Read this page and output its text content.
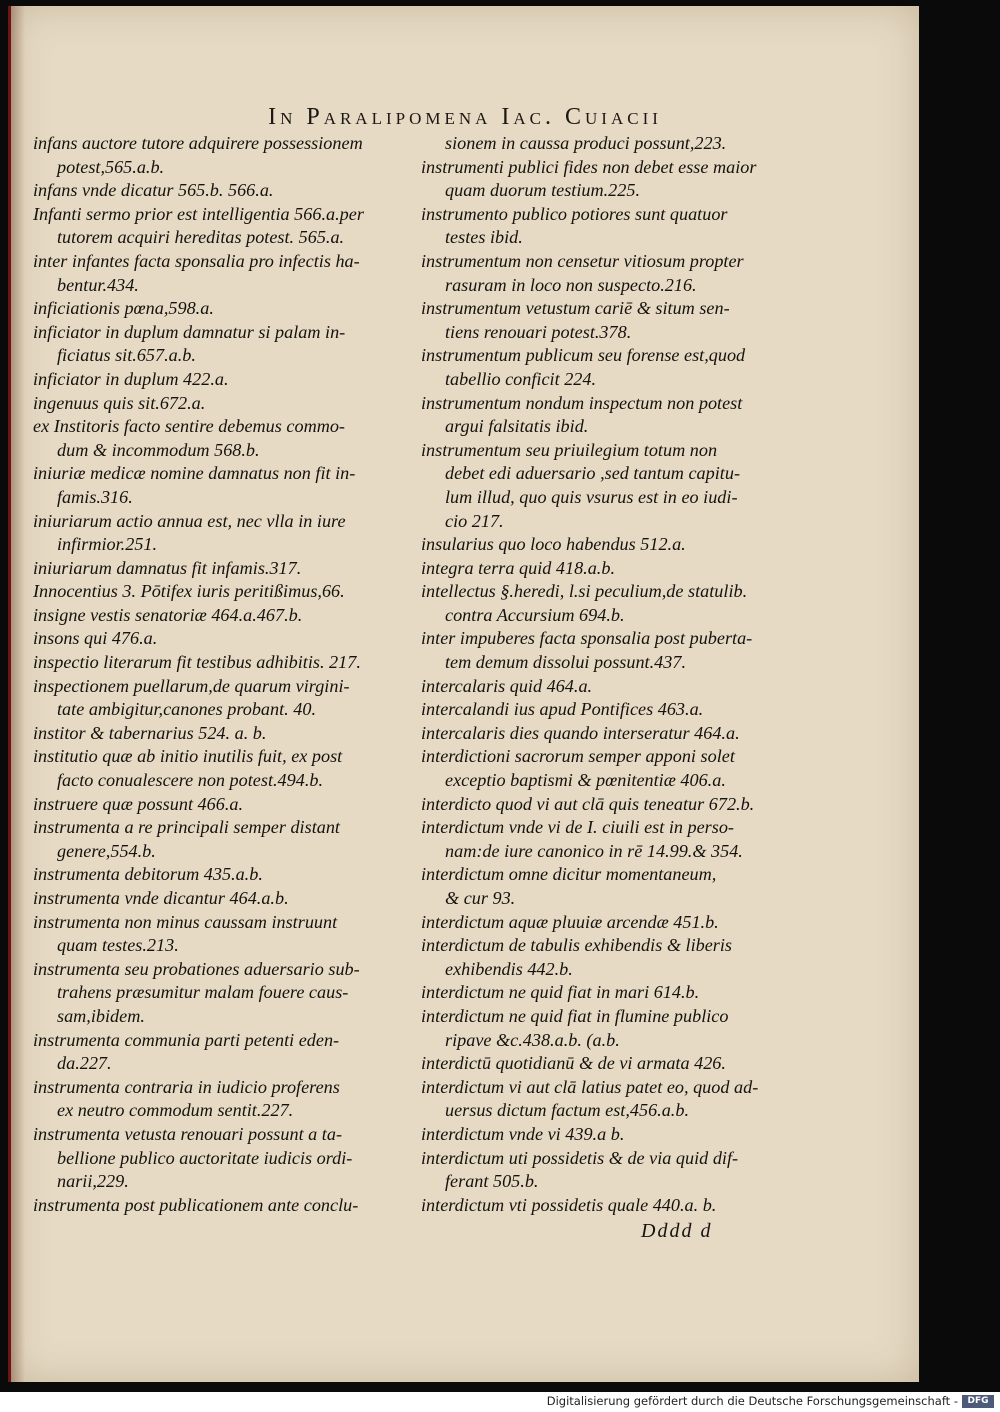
In Paralipomena Iac. Cuiacii
infans auctore tutore adquirere possessionem
potest,565.a.b.
infans vnde dicatur 565.b. 566.a.
Infanti sermo prior est intelligentia 566.a.per
tutorem acquiri hereditas potest. 565.a.
inter infantes facta sponsalia pro infectis ha-
bentur.434.
inficiationis pœna,598.a.
inficiator in duplum damnatur si palam in-
ficiatus sit.657.a.b.
inficiator in duplum 422.a.
ingenuus quis sit.672.a.
ex Institoris facto sentire debemus commo-
dum & incommodum 568.b.
iniuriæ medicæ nomine damnatus non fit in-
famis.316.
iniuriarum actio annua est, nec vlla in iure
infirmior.251.
iniuriarum damnatus fit infamis.317.
Innocentius 3. Pōtifex iuris peritißimus,66.
insigne vestis senatoriæ 464.a.467.b.
insons qui 476.a.
inspectio literarum fit testibus adhibitis. 217.
inspectionem puellarum,de quarum virgini-
tate ambigitur,canones probant. 40.
institor & tabernarius 524. a. b.
institutio quæ ab initio inutilis fuit, ex post
facto conualescere non potest.494.b.
instruere quæ possunt 466.a.
instrumenta a re principali semper distant
genere,554.b.
instrumenta debitorum 435.a.b.
instrumenta vnde dicantur 464.a.b.
instrumenta non minus caussam instruunt
quam testes.213.
instrumenta seu probationes aduersario sub-
trahens præsumitur malam fouere caus-
sam,ibidem.
instrumenta communia parti petenti eden-
da.227.
instrumenta contraria in iudicio proferens
ex neutro commodum sentit.227.
instrumenta vetusta renouari possunt a ta-
bellione publico auctoritate iudicis ordi-
narii,229.
instrumenta post publicationem ante conclu-
sionem in caussa produci possunt,223.
instrumenti publici fides non debet esse maior
quam duorum testium.225.
instrumento publico potiores sunt quatuor
testes ibid.
instrumentum non censetur vitiosum propter
rasuram in loco non suspecto.216.
instrumentum vetustum cariē & situm sen-
tiens renouari potest.378.
instrumentum publicum seu forense est,quod
tabellio conficit 224.
instrumentum nondum inspectum non potest
argui falsitatis ibid.
instrumentum seu priuilegium totum non
debet edi aduersario ,sed tantum capitu-
lum illud, quo quis vsurus est in eo iudi-
cio 217.
insularius quo loco habendus 512.a.
integra terra quid 418.a.b.
intellectus §.heredi, l.si peculium,de statulib.
contra Accursium 694.b.
inter impuberes facta sponsalia post puberta-
tem demum dissolui possunt.437.
intercalaris quid 464.a.
intercalandi ius apud Pontifices 463.a.
intercalaris dies quando interseratur 464.a.
interdictioni sacrorum semper apponi solet
exceptio baptismi & pœnitentiæ 406.a.
interdicto quod vi aut clā quis teneatur 672.b.
interdictum vnde vi de I. ciuili est in perso-
nam:de iure canonico in rē 14.99.& 354.
interdictum omne dicitur momentaneum,
& cur 93.
interdictum aquæ pluuiæ arcendæ 451.b.
interdictum de tabulis exhibendis & liberis
exhibendis 442.b.
interdictum ne quid fiat in mari 614.b.
interdictum ne quid fiat in flumine publico
ripave &c.438.a.b. (a.b.
interdictū quotidianū & de vi armata 426.
interdictum vi aut clā latius patet eo, quod ad-
uersus dictum factum est,456.a.b.
interdictum vnde vi 439.a b.
interdictum uti possidetis & de via quid dif-
ferant 505.b.
interdictum vti possidetis quale 440.a. b.
Dddd d
Digitalisierung gefördert durch die Deutsche Forschungsgemeinschaft -	DFG
